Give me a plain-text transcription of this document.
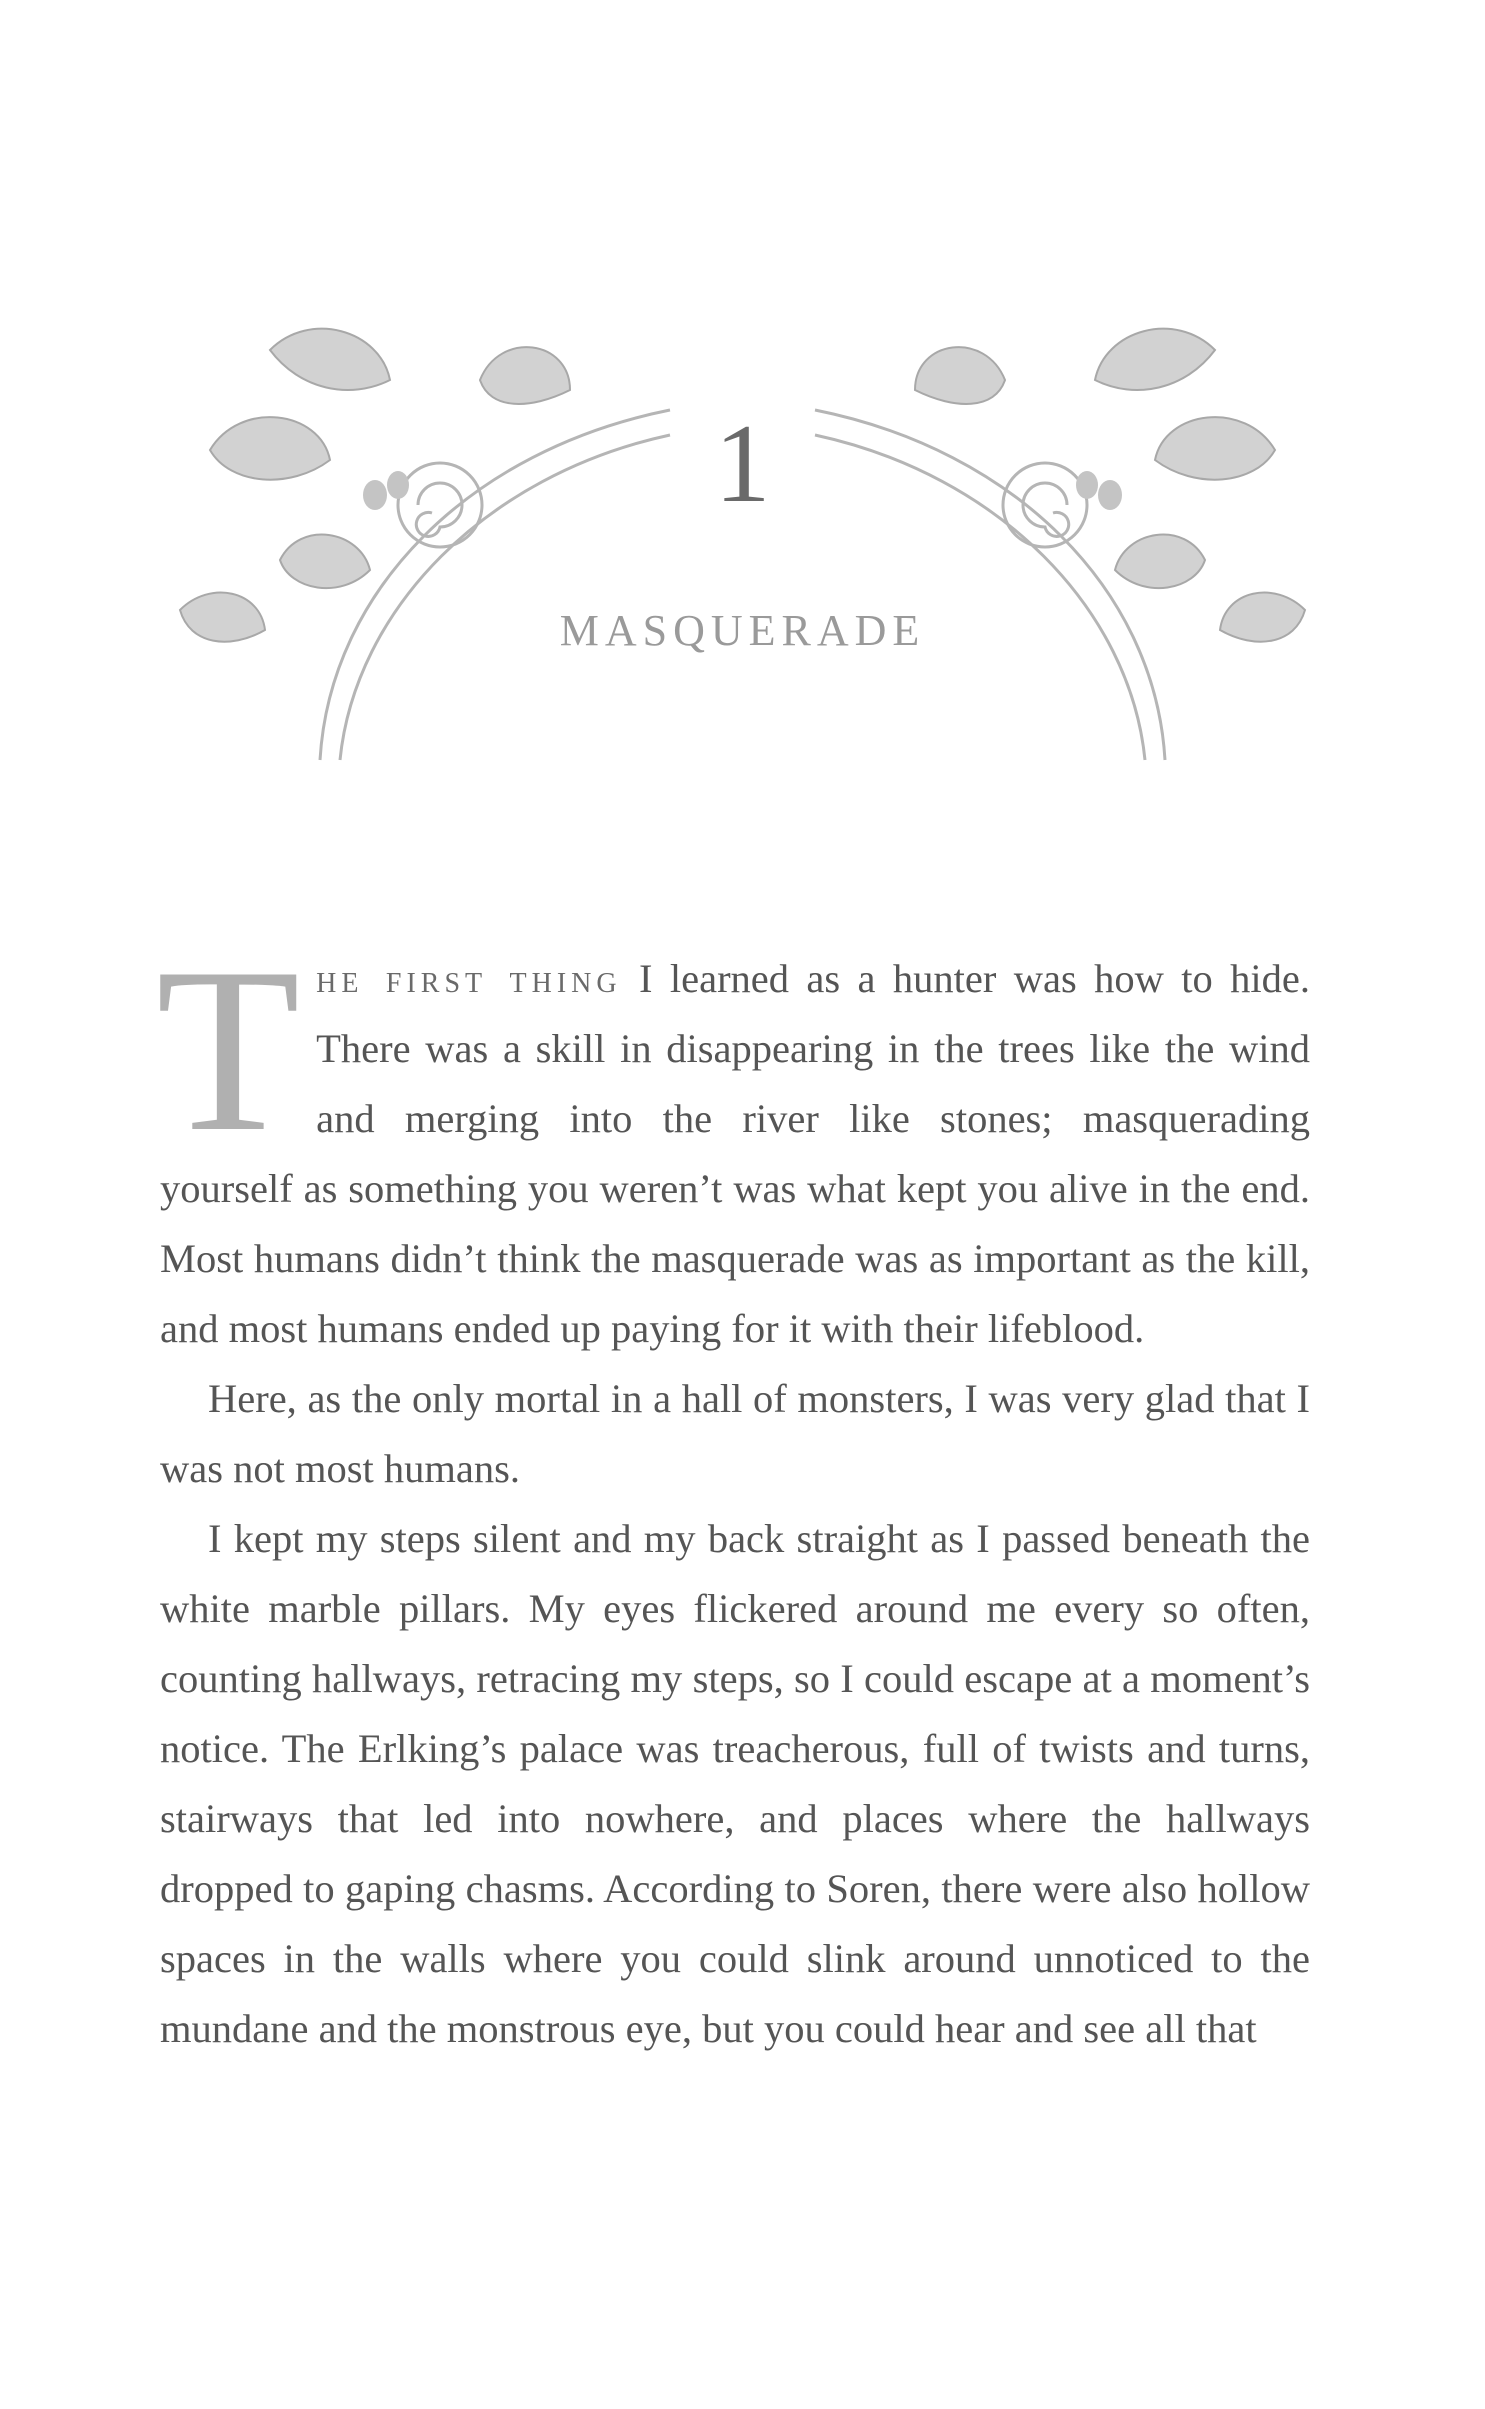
1
MASQUERADE

The first thing I learned as a hunter was how to hide. There was a skill in disappearing in the trees like the wind and merging into the river like stones; masquerading yourself as something you weren’t was what kept you alive in the end. Most humans didn’t think the masquerade was as important as the kill, and most humans ended up paying for it with their lifeblood.

Here, as the only mortal in a hall of monsters, I was very glad that I was not most humans.

I kept my steps silent and my back straight as I passed beneath the white marble pillars. My eyes flickered around me every so often, counting hallways, retracing my steps, so I could escape at a moment’s notice. The Erlking’s palace was treacherous, full of twists and turns, stairways that led into nowhere, and places where the hallways dropped to gaping chasms. According to Soren, there were also hollow spaces in the walls where you could slink around unnoticed to the mundane and the monstrous eye, but you could hear and see all that
